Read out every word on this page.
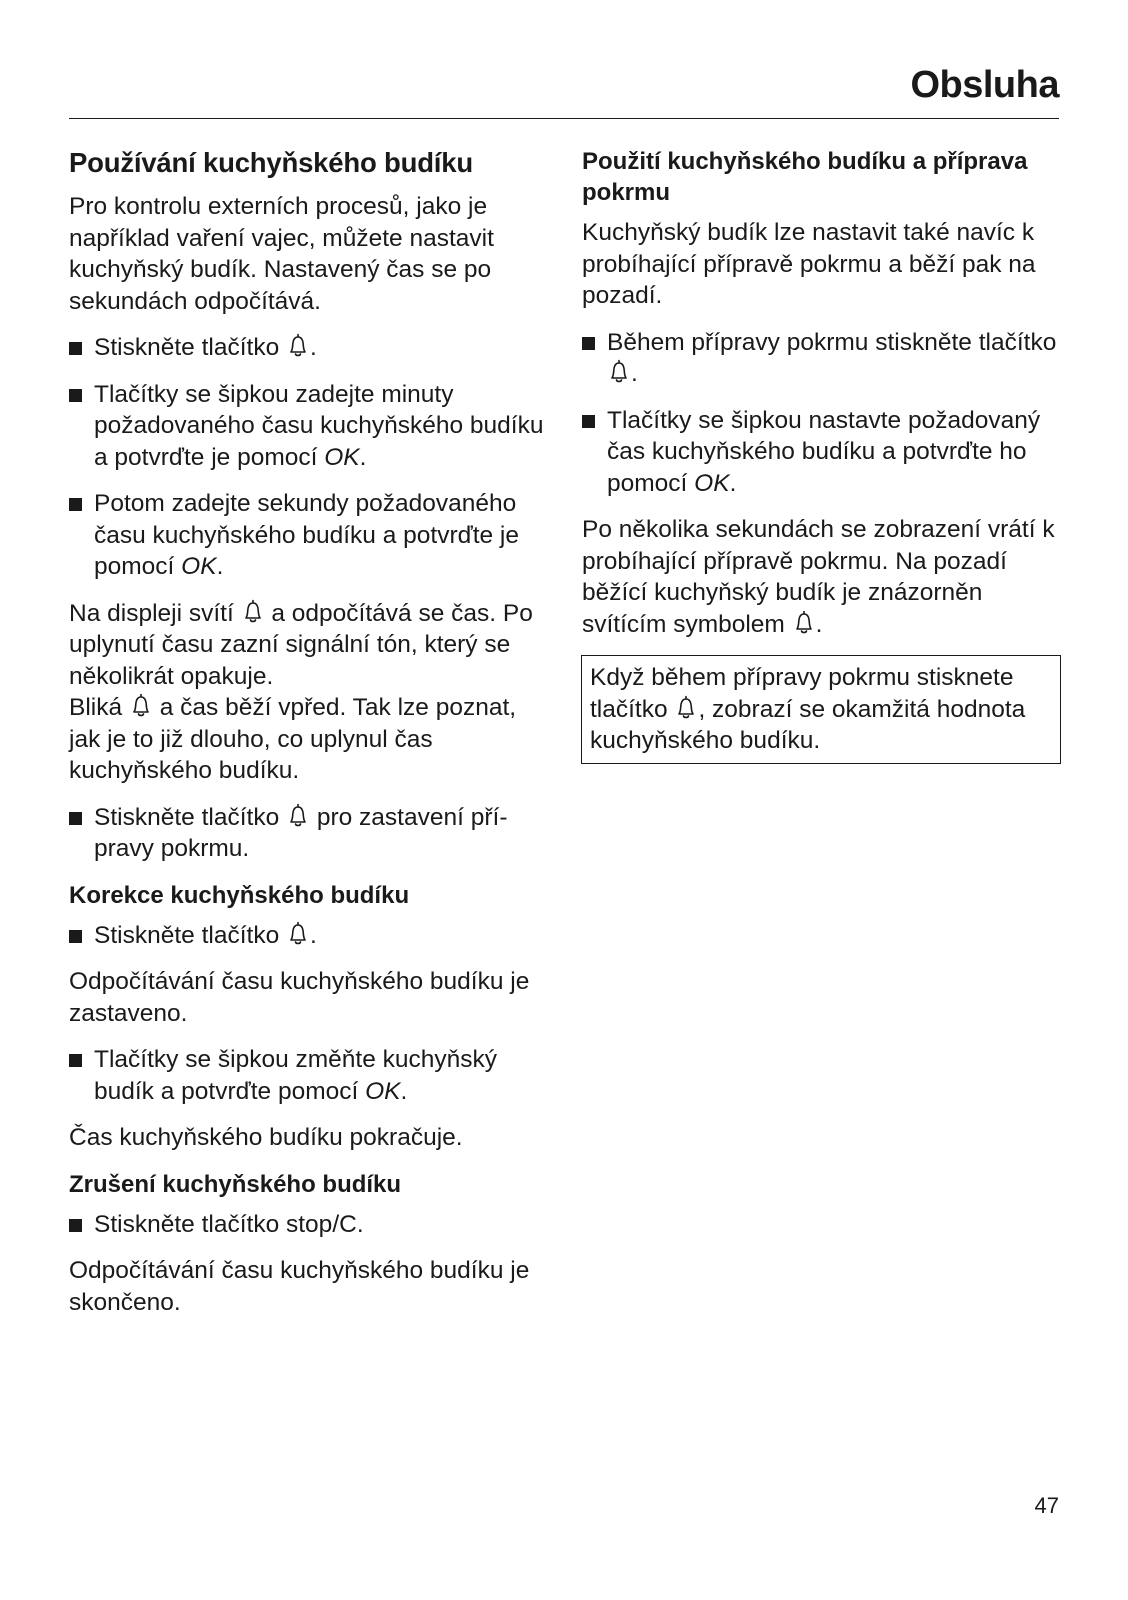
Obsluha
Používání kuchyňského budíku

Pro kontrolu externích procesů, jako je například vaření vajec, můžete nastavit kuchyňský budík. Nastavený čas se po sekundách odpočítává.

Stiskněte tlačítko
.
Tlačítky se šipkou zadejte minuty požadovaného času kuchyňského budíku a potvrďte je pomocí OK.
Potom zadejte sekundy požadovaného času kuchyňského budíku a potvrďte je pomocí OK.

Na displeji svítí
a odpočítává se čas. Po uplynutí času zazní signální tón, který se několikrát opakuje.
Bliká
a čas běží vpřed. Tak lze poznat, jak je to již dlouho, co uplynul čas kuchyňského budíku.

Stiskněte tlačítko
pro zastavení přípravy pokrmu.
Korekce kuchyňského budíku
Stiskněte tlačítko
.

Odpočítávání času kuchyňského budíku je zastaveno.

Tlačítky se šipkou změňte kuchyňský budík a potvrďte pomocí OK.

Čas kuchyňského budíku pokračuje.

Zrušení kuchyňského budíku
Stiskněte tlačítko stop/C.

Odpočítávání času kuchyňského budíku je skončeno.

Použití kuchyňského budíku a příprava pokrmu

Kuchyňský budík lze nastavit také navíc k probíhající přípravě pokrmu a běží pak na pozadí.

Během přípravy pokrmu stiskněte tlačítko
.
Tlačítky se šipkou nastavte požadovaný čas kuchyňského budíku a potvrďte ho pomocí OK.

Po několika sekundách se zobrazení vrátí k probíhající přípravě pokrmu. Na pozadí běžící kuchyňský budík je znázorněn svítícím symbolem
.

Když během přípravy pokrmu stisknete tlačítko
, zobrazí se okamžitá hodnota kuchyňského budíku.

47
